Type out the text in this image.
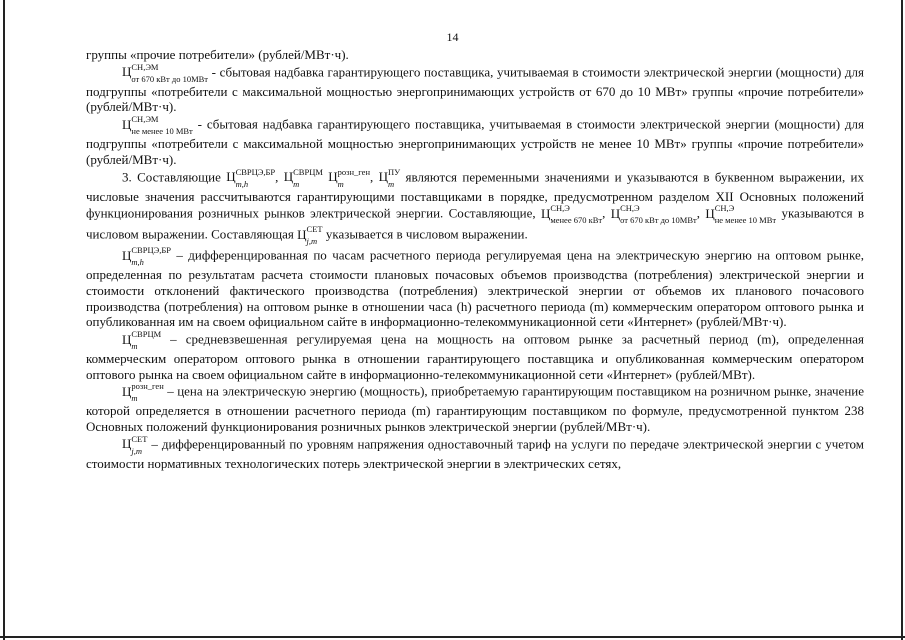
14

группы «прочие потребители» (рублей/МВт·ч).

Ц СН,ЭМ
от 670 кВт до 10МВт - сбытовая надбавка гарантирующего поставщика, учитываемая в стоимости электрической энергии (мощности) для подгруппы «потребители с максимальной мощностью энергопринимающих устройств от 670 до 10 МВт» группы «прочие потребители» (рублей/МВт·ч).

Ц СН,ЭМ
не менее 10 МВт - сбытовая надбавка гарантирующего поставщика, учитываемая в стоимости электрической энергии (мощности) для подгруппы «потребители с максимальной мощностью энергопринимающих устройств не менее 10 МВт» группы «прочие потребители» (рублей/МВт·ч).

3. Составляющие Ц СВРЦЭ,БР
m,h	, Ц СВРЦМ
m	Ц розн_ген
m	, Ц ПУ
m являются переменными значениями и указываются в буквенном выражении, их числовые значения рассчитываются гарантирующими поставщиками в порядке, предусмотренном разделом XII Основных положений функционирования розничных рынков электрической энергии. Составляющие, Ц СН,Э
менее 670 кВт , Ц СН,Э
от 670 кВт до 10МВт , Ц СН,Э
не менее 10 МВт указываются в числовом выражении. Составляющая Ц СЕТ
j,m указывается в числовом выражении.

Ц СВРЦЭ,БР
m,h	– дифференцированная по часам расчетного периода регулируемая цена на электрическую энергию на оптовом рынке, определенная по результатам расчета стоимости плановых почасовых объемов производства (потребления) электрической энергии и стоимости отклонений фактического производства (потребления) электрической энергии от объемов их планового почасового производства (потребления) на оптовом рынке в отношении часа (h) расчетного периода (m) коммерческим оператором оптового рынка и опубликованная им на своем официальном сайте в информационно-телекоммуникационной сети «Интернет» (рублей/МВт·ч).

Ц СВРЦМ
m	– средневзвешенная регулируемая цена на мощность на оптовом рынке за расчетный период (m), определенная коммерческим оператором оптового рынка в отношении гарантирующего поставщика и опубликованная коммерческим оператором оптового рынка на своем официальном сайте в информационно-телекоммуникационной сети «Интернет» (рублей/МВт).

Ц розн_ген
m	– цена на электрическую энергию (мощность), приобретаемую гарантирующим поставщиком на розничном рынке, значение которой определяется в отношении расчетного периода (m) гарантирующим поставщиком по формуле, предусмотренной пунктом 238 Основных положений функционирования розничных рынков электрической энергии (рублей/МВт·ч).

Ц СЕТ
j,m – дифференцированный по уровням напряжения одноставочный тариф на услуги по передаче электрической энергии с учетом стоимости нормативных технологических потерь электрической энергии в электрических сетях,
